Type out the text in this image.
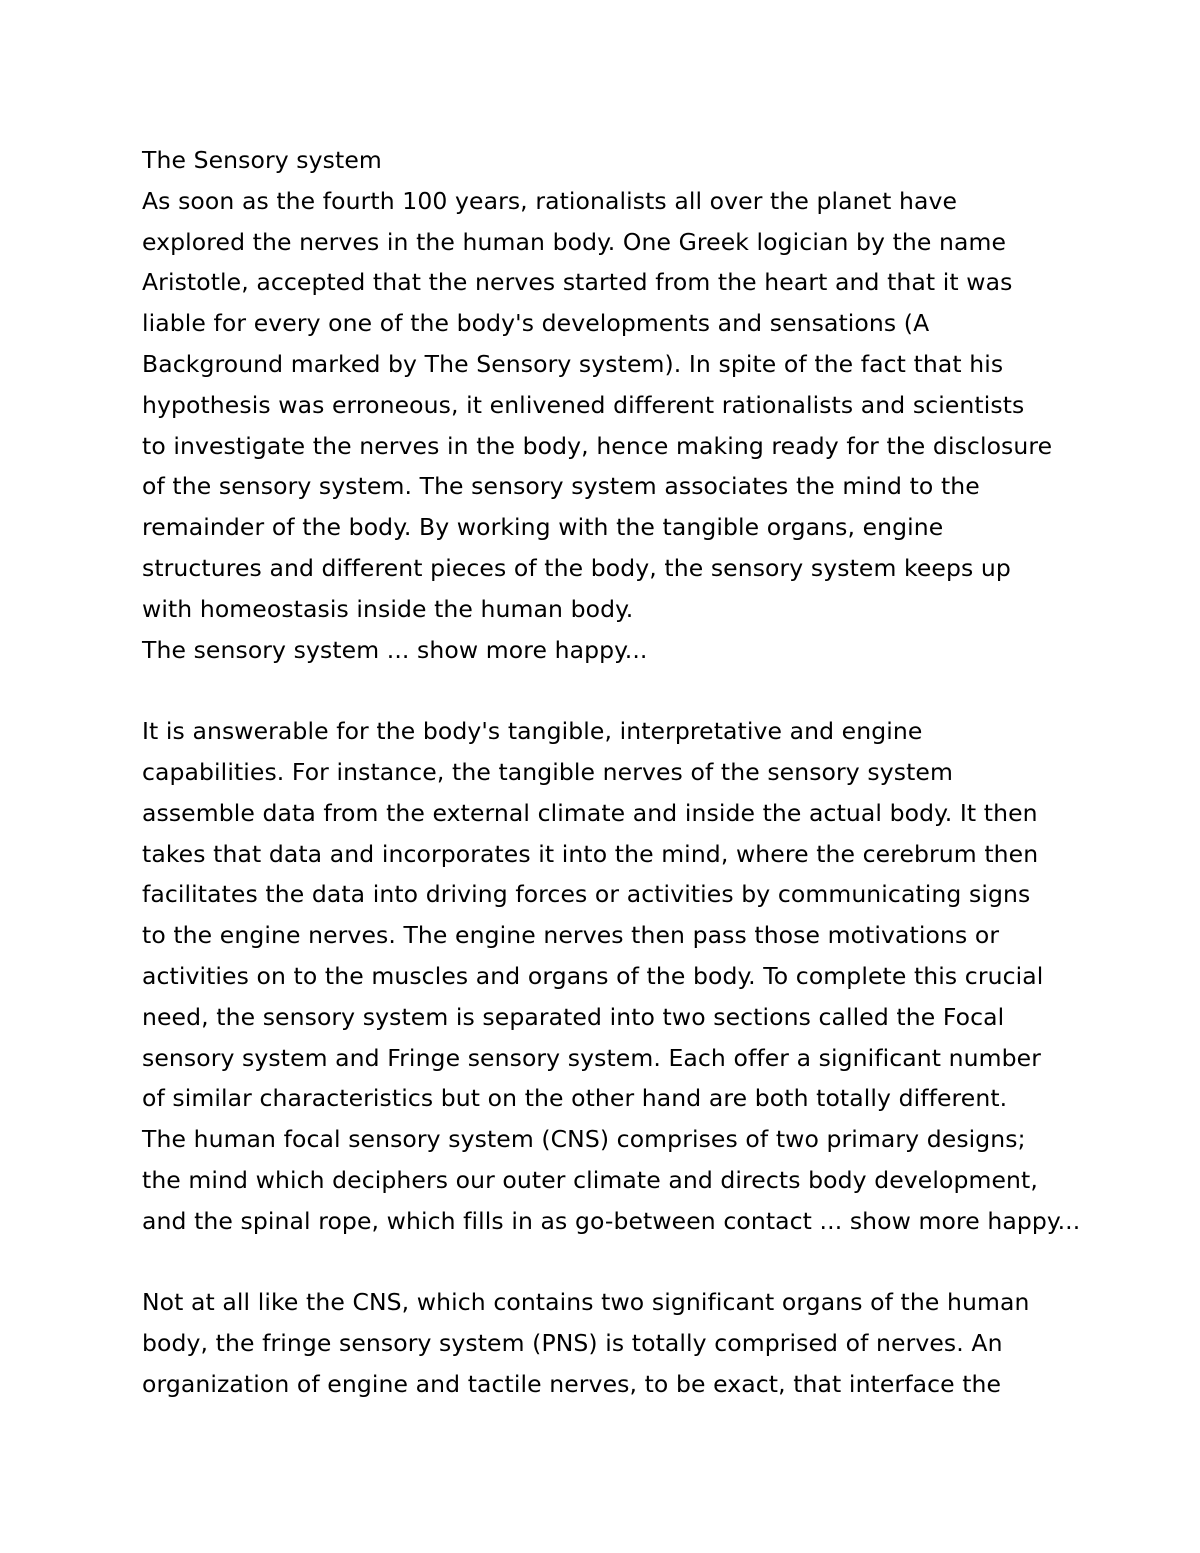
The Sensory system
As soon as the fourth 100 years, rationalists all over the planet have
explored the nerves in the human body. One Greek logician by the name
Aristotle, accepted that the nerves started from the heart and that it was
liable for every one of the body's developments and sensations (A
Background marked by The Sensory system). In spite of the fact that his
hypothesis was erroneous, it enlivened different rationalists and scientists
to investigate the nerves in the body, hence making ready for the disclosure
of the sensory system. The sensory system associates the mind to the
remainder of the body. By working with the tangible organs, engine
structures and different pieces of the body, the sensory system keeps up
with homeostasis inside the human body.
The sensory system ... show more happy...
It is answerable for the body's tangible, interpretative and engine
capabilities. For instance, the tangible nerves of the sensory system
assemble data from the external climate and inside the actual body. It then
takes that data and incorporates it into the mind, where the cerebrum then
facilitates the data into driving forces or activities by communicating signs
to the engine nerves. The engine nerves then pass those motivations or
activities on to the muscles and organs of the body. To complete this crucial
need, the sensory system is separated into two sections called the Focal
sensory system and Fringe sensory system. Each offer a significant number
of similar characteristics but on the other hand are both totally different.
The human focal sensory system (CNS) comprises of two primary designs;
the mind which deciphers our outer climate and directs body development,
and the spinal rope, which fills in as go-between contact ... show more happy...
Not at all like the CNS, which contains two significant organs of the human
body, the fringe sensory system (PNS) is totally comprised of nerves. An
organization of engine and tactile nerves, to be exact, that interface the
